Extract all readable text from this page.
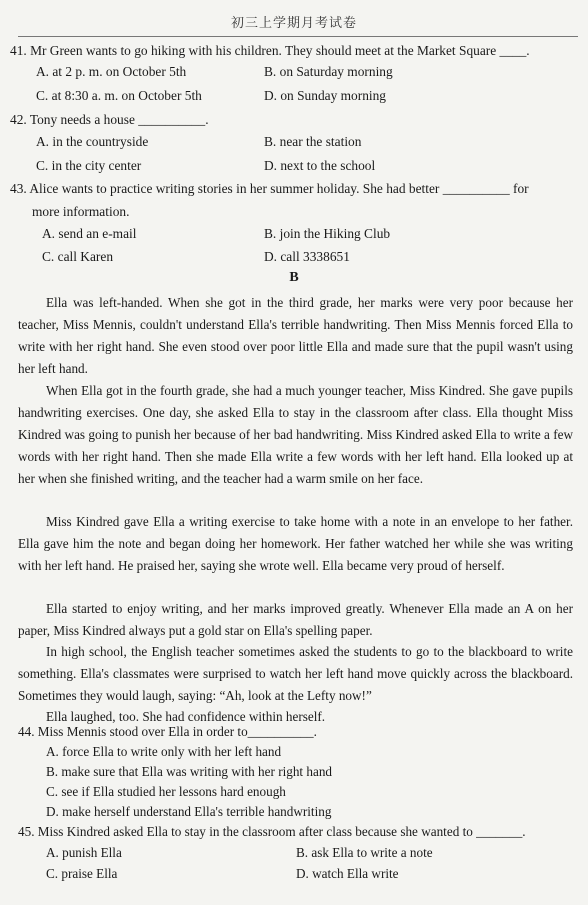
初三上学期月考试卷
41. Mr Green wants to go hiking with his children. They should meet at the Market Square ____.
A. at 2 p. m. on October 5th	B. on Saturday morning
C. at 8:30 a. m. on October 5th	D. on Sunday morning
42. Tony needs a house __________.
A. in the countryside	B. near the station
C. in the city center	D. next to the school
43. Alice wants to practice writing stories in her summer holiday. She had better __________ for
more information.
A. send an e-mail	B. join the Hiking Club
C. call Karen	D. call 3338651
B
Ella was left-handed. When she got in the third grade, her marks were very poor because her teacher, Miss Mennis, couldn't understand Ella's terrible handwriting. Then Miss Mennis forced Ella to write with her right hand. She even stood over poor little Ella and made sure that the pupil wasn't using her left hand.
When Ella got in the fourth grade, she had a much younger teacher, Miss Kindred. She gave pupils handwriting exercises. One day, she asked Ella to stay in the classroom after class. Ella thought Miss Kindred was going to punish her because of her bad handwriting. Miss Kindred asked Ella to write a few words with her right hand. Then she made Ella write a few words with her left hand. Ella looked up at her when she finished writing, and the teacher had a warm smile on her face.
Miss Kindred gave Ella a writing exercise to take home with a note in an envelope to her father. Ella gave him the note and began doing her homework. Her father watched her while she was writing with her left hand. He praised her, saying she wrote well. Ella became very proud of herself.
Ella started to enjoy writing, and her marks improved greatly. Whenever Ella made an A on her paper, Miss Kindred always put a gold star on Ella's spelling paper.
In high school, the English teacher sometimes asked the students to go to the blackboard to write something. Ella's classmates were surprised to watch her left hand move quickly across the blackboard. Sometimes they would laugh, saying: “Ah, look at the Lefty now!”
Ella laughed, too. She had confidence within herself.
44. Miss Mennis stood over Ella in order to__________.
A. force Ella to write only with her left hand
B. make sure that Ella was writing with her right hand
C. see if Ella studied her lessons hard enough
D. make herself understand Ella's terrible handwriting
45. Miss Kindred asked Ella to stay in the classroom after class because she wanted to _______.
A. punish Ella	B. ask Ella to write a note
C. praise Ella	D. watch Ella write
